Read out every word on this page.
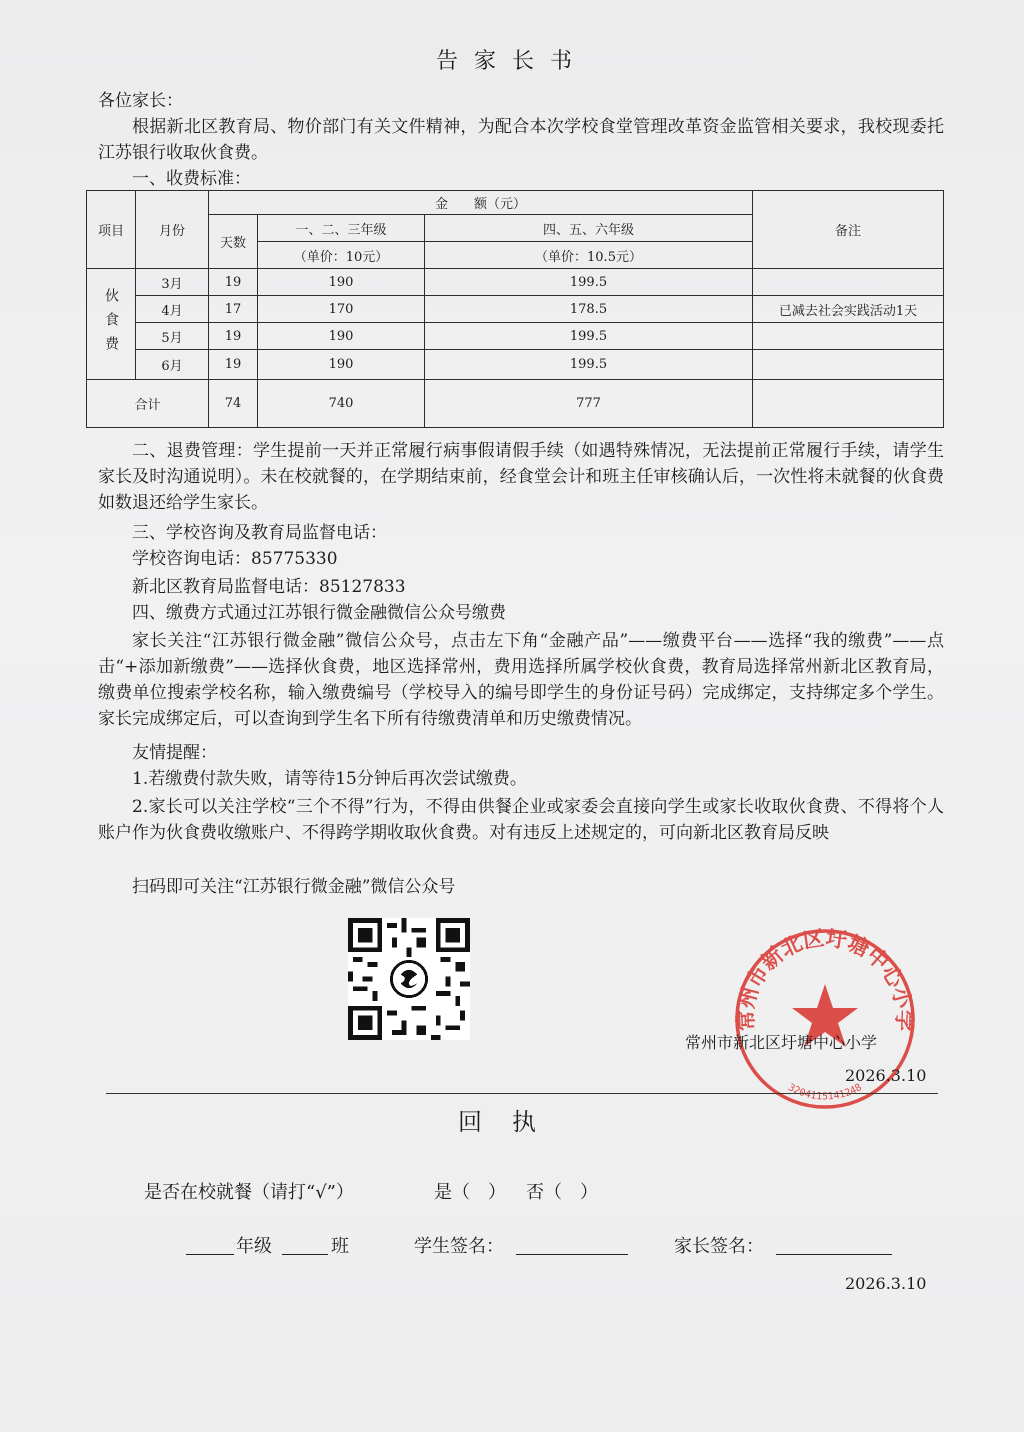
告家长书

各位家长：

根据新北区教育局、物价部门有关文件精神，为配合本次学校食堂管理改革资金监管相关要求，我校现委托江苏银行收取伙食费。

一、收费标准：

项目	月份	金　　额（元）			备注
		天数	一、二、三年级	四、五、六年级	
			（单价：10元）	（单价：10.5元）	

伙食费	3月	19	190	199.5	
	4月	17	170	178.5	已减去社会实践活动1天
	5月	19	190	199.5	
	6月	19	190	199.5	
合计		74	740	777	

二、退费管理：学生提前一天并正常履行病事假请假手续（如遇特殊情况，无法提前正常履行手续，请学生家长及时沟通说明）。未在校就餐的，在学期结束前，经食堂会计和班主任审核确认后，一次性将未就餐的伙食费如数退还给学生家长。

三、学校咨询及教育局监督电话：

学校咨询电话：85775330

新北区教育局监督电话：85127833

四、缴费方式通过江苏银行微金融微信公众号缴费

家长关注“江苏银行微金融”微信公众号，点击左下角“金融产品”——缴费平台——选择“我的缴费”——点击“+添加新缴费”——选择伙食费，地区选择常州，费用选择所属学校伙食费，教育局选择常州新北区教育局，缴费单位搜索学校名称，输入缴费编号（学校导入的编号即学生的身份证号码）完成绑定，支持绑定多个学生。家长完成绑定后，可以查询到学生名下所有待缴费清单和历史缴费情况。

友情提醒：

1.若缴费付款失败，请等待15分钟后再次尝试缴费。

2.家长可以关注学校“三个不得”行为，不得由供餐企业或家委会直接向学生或家长收取伙食费、不得将个人账户作为伙食费收缴账户、不得跨学期收取伙食费。对有违反上述规定的，可向新北区教育局反映

扫码即可关注“江苏银行微金融”微信公众号

常州市新北区圩塘中心小学
3204115141248
常州市新北区圩塘中心小学
2026.3.10
回执
是否在校就餐（请打“√”）	是（　） 否（　）
年级	班	学生签名：	家长签名：
2026.3.10
